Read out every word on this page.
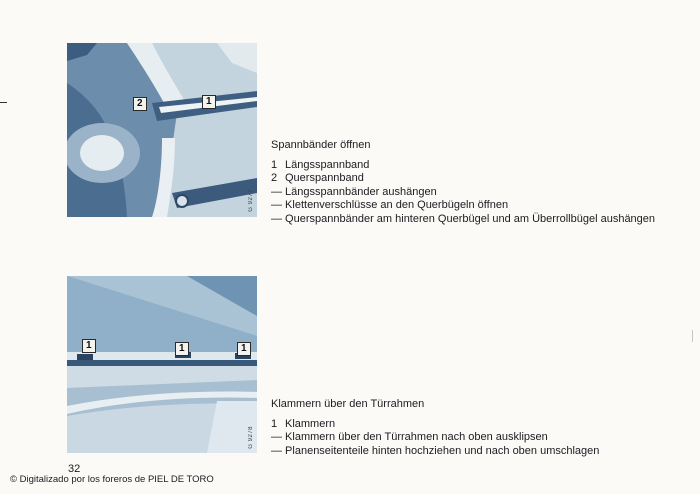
2	1
G 9277
Spannbänder öffnen
1 Längsspannband
2 Querspannband
— Längsspannbänder aushängen
— Klettenverschlüsse an den Querbügeln öffnen
— Querspannbänder am hinteren Querbügel und am Überrollbügel aushängen
1	1	1
G 9278
Klammern über den Türrahmen
1 Klammern
— Klammern über den Türrahmen nach oben ausklipsen
— Planenseitenteile hinten hochziehen und nach oben umschlagen
32
© Digitalizado por los foreros de PIEL DE TORO
